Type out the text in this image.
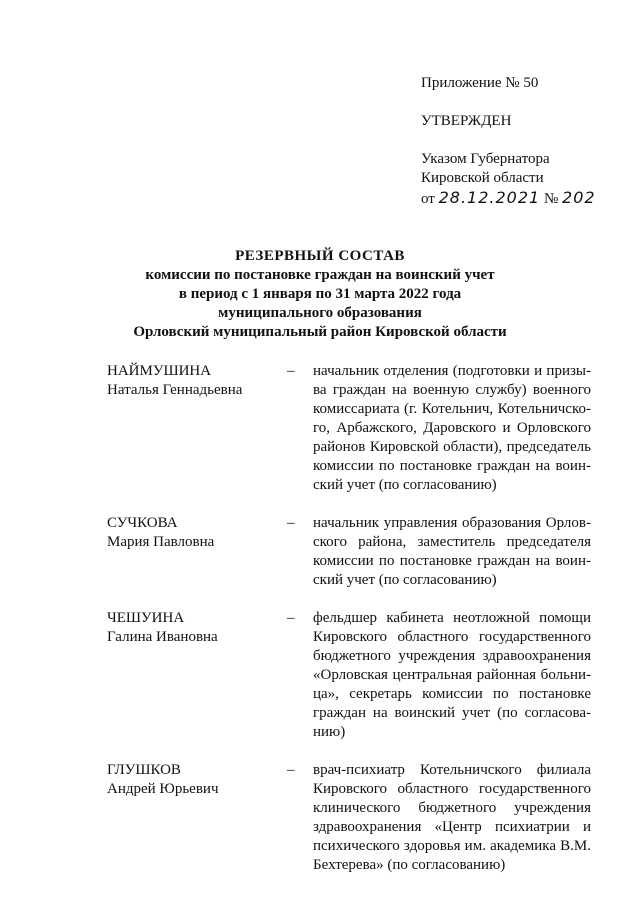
Приложение № 50
УТВЕРЖДЕН
Указом Губернатора
Кировской области
от 28.12.2021 № 202
РЕЗЕРВНЫЙ СОСТАВ
комиссии по постановке граждан на воинский учет
в период с 1 января по 31 марта 2022 года
муниципального образования
Орловский муниципальный район Кировской области
НАЙМУШИНА
Наталья Геннадьевна
–	начальник отделения (подготовки и призыва граждан на военную службу) военного комиссариата (г. Котельнич, Котельничского, Арбажского, Даровского и Орловского районов Кировской области), председатель комиссии по постановке граждан на воинский учет (по согласованию)
СУЧКОВА
Мария Павловна
–	начальник управления образования Орловского района, заместитель председателя комиссии по постановке граждан на воинский учет (по согласованию)
ЧЕШУИНА
Галина Ивановна
–	фельдшер кабинета неотложной помощи Кировского областного государственного бюджетного учреждения здравоохранения «Орловская центральная районная больница», секретарь комиссии по постановке граждан на воинский учет (по согласованию)
ГЛУШКОВ
Андрей Юрьевич
–	врач-психиатр Котельничского филиала Кировского областного государственного клинического бюджетного учреждения здравоохранения «Центр психиатрии и психического здоровья им. академика В.М. Бехтерева» (по согласованию)
